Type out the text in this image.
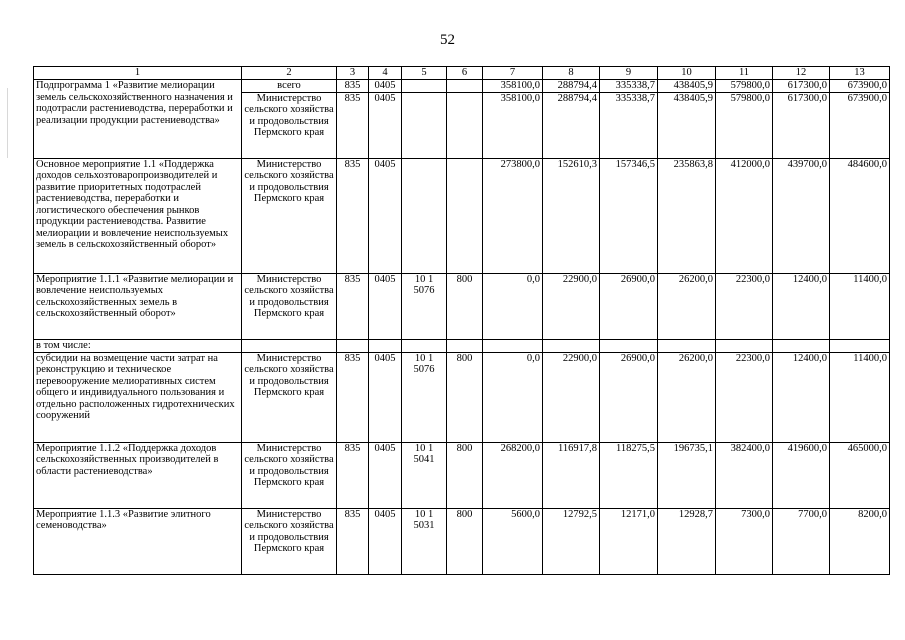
52
1	2	3	4	5	6	7	8	9	10	11	12	13
Подпрограмма 1 «Развитие мелиорации земель сельскохозяйственного назначения и подотрасли растениеводства, переработки и реализации продукции растениеводства»	всего	835	0405			358100,0	288794,4	335338,7	438405,9	579800,0	617300,0	673900,0
	Министерство сельского хозяйства и продовольствия Пермского края	835	0405			358100,0	288794,4	335338,7	438405,9	579800,0	617300,0	673900,0
Основное мероприятие 1.1 «Поддержка доходов сельхозтоваропроизводителей и развитие приоритетных подотраслей растениеводства, переработки и логистического обеспечения рынков продукции растениеводства. Развитие мелиорации и вовлечение неиспользуемых земель в сельскохозяйственный оборот»	Министерство сельского хозяйства и продовольствия Пермского края	835	0405			273800,0	152610,3	157346,5	235863,8	412000,0	439700,0	484600,0
Мероприятие 1.1.1 «Развитие мелиорации и вовлечение неиспользуемых сельскохозяйственных земель в сельскохозяйственный оборот»	Министерство сельского хозяйства и продовольствия Пермского края	835	0405	10 1 5076	800	0,0	22900,0	26900,0	26200,0	22300,0	12400,0	11400,0
в том числе:												
субсидии на возмещение части затрат на реконструкцию и техническое перевооружение мелиоративных систем общего и индивидуального пользования и отдельно расположенных гидротехнических сооружений	Министерство сельского хозяйства и продовольствия Пермского края	835	0405	10 1 5076	800	0,0	22900,0	26900,0	26200,0	22300,0	12400,0	11400,0
Мероприятие 1.1.2 «Поддержка доходов сельскохозяйственных производителей в области растениеводства»	Министерство сельского хозяйства и продовольствия Пермского края	835	0405	10 1 5041	800	268200,0	116917,8	118275,5	196735,1	382400,0	419600,0	465000,0
Мероприятие 1.1.3 «Развитие элитного семеноводства»	Министерство сельского хозяйства и продовольствия Пермского края	835	0405	10 1 5031	800	5600,0	12792,5	12171,0	12928,7	7300,0	7700,0	8200,0
